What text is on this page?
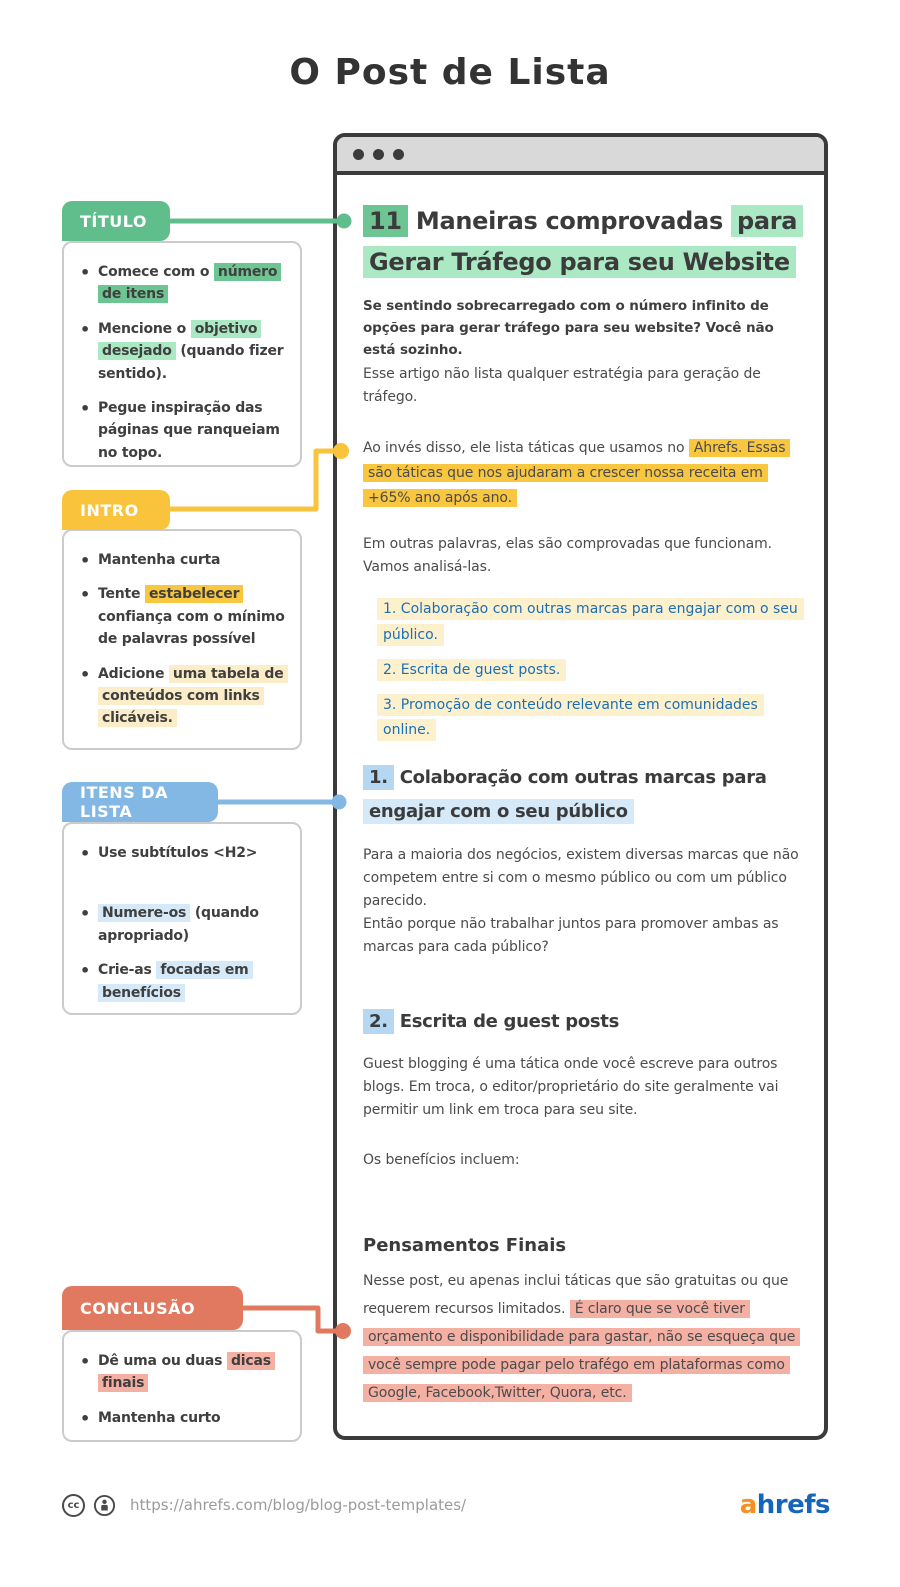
O Post de Lista
11 Maneiras comprovadas para Gerar Tráfego para seu Website

Se sentindo sobrecarregado com o número infinito de opções para gerar tráfego para seu website? Você não está sozinho.

Esse artigo não lista qualquer estratégia para geração de tráfego.

Ao invés disso, ele lista táticas que usamos no Ahrefs. Essas são táticas que nos ajudaram a crescer nossa receita em +65% ano após ano.

Em outras palavras, elas são comprovadas que funcionam.

Vamos analisá-las.

1. Colaboração com outras marcas para engajar com o seu público.
2. Escrita de guest posts.
3. Promoção de conteúdo relevante em comunidades online.
1. Colaboração com outras marcas para engajar com o seu público

Para a maioria dos negócios, existem diversas marcas que não competem entre si com o mesmo público ou com um público parecido.

Então porque não trabalhar juntos para promover ambas as marcas para cada público?

2. Escrita de guest posts

Guest blogging é uma tática onde você escreve para outros blogs. Em troca, o editor/proprietário do site geralmente vai permitir um link em troca para seu site.

Os benefícios incluem:

Pensamentos Finais

Nesse post, eu apenas inclui táticas que são gratuitas ou que requerem recursos limitados. É claro que se você tiver orçamento e disponibilidade para gastar, não se esqueça que você sempre pode pagar pelo trafégo em plataformas como Google, Facebook,Twitter, Quora, etc.

TÍTULO
• Comece com o número de itens
• Mencione o objetivo desejado (quando fizer sentido).
• Pegue inspiração das páginas que ranqueiam no topo.
INTRO
• Mantenha curta
• Tente estabelecer confiança com o mínimo de palavras possível
• Adicione uma tabela de conteúdos com links clicáveis.
ITENS DA LISTA
• Use subtítulos <H2>
• Numere-os (quando apropriado)
• Crie-as focadas em benefícios
CONCLUSÃO
• Dê uma ou duas dicas finais
• Mantenha curto
cc	https://ahrefs.com/blog/blog-post-templates/	ahrefs
